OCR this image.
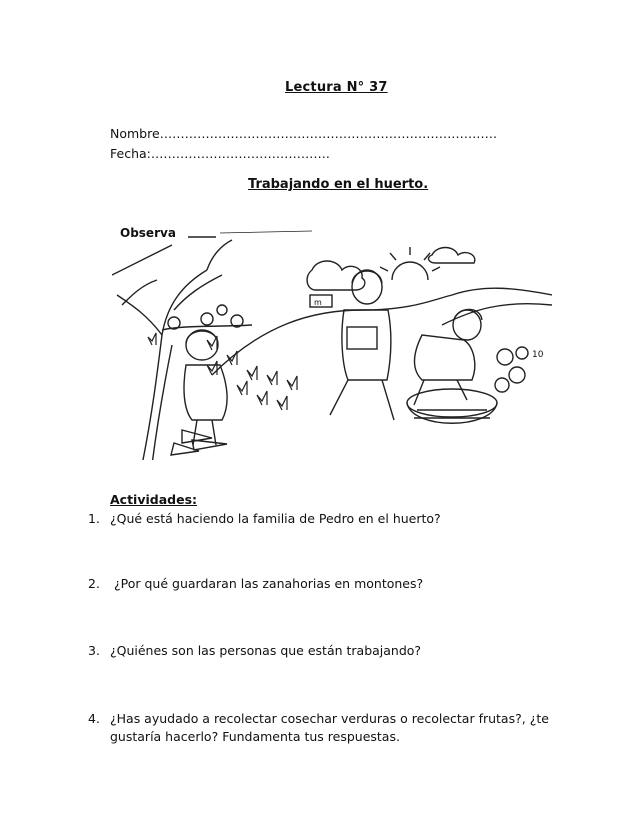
Lectura N° 37
Nombre………………………………………………………………………
Fecha:…………………………………….
Trabajando en el huerto.
Observa
m
10
Actividades:
1. ¿Qué está haciendo la familia de Pedro en el huerto?
2. ¿Por qué guardaran las zanahorias en montones?
3. ¿Quiénes son las personas que están trabajando?
4. ¿Has ayudado a recolectar cosechar verduras o recolectar frutas?, ¿te
gustaría hacerlo? Fundamenta tus respuestas.
